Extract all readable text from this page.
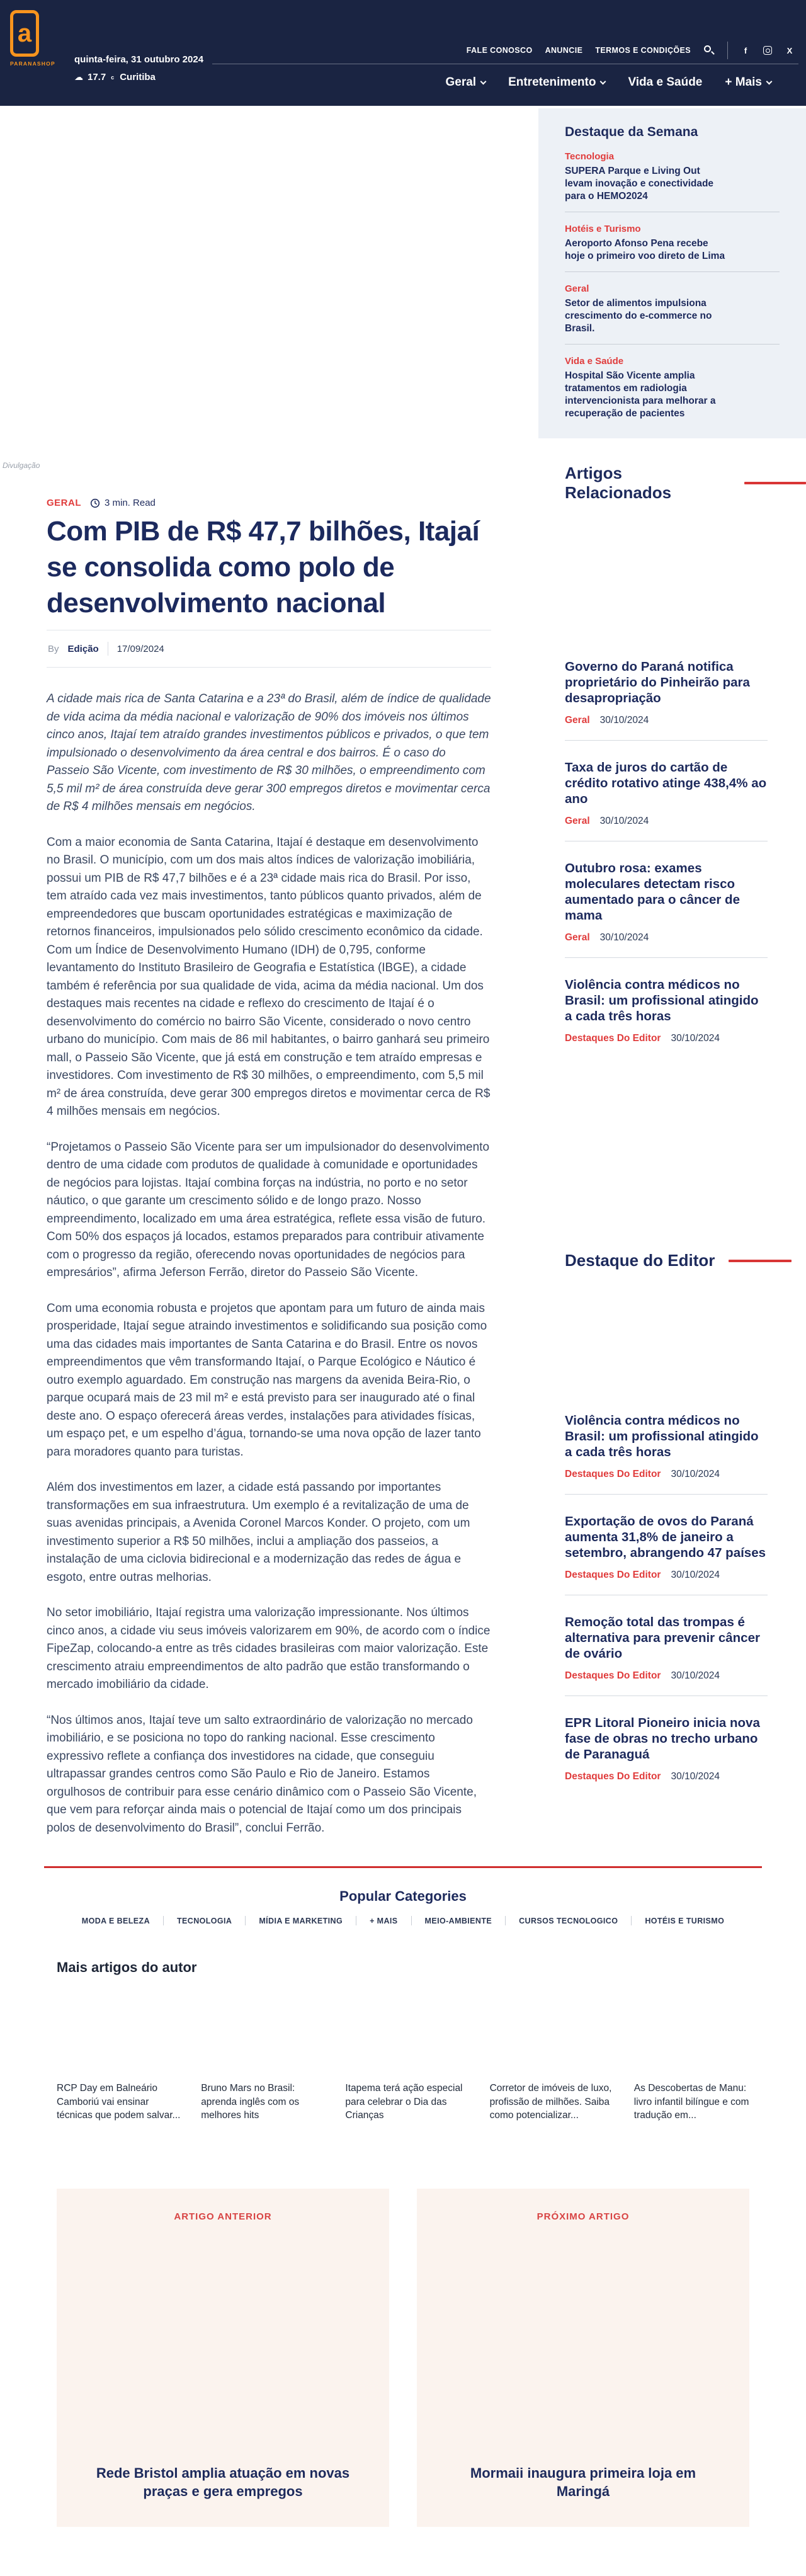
a
PARANASHOP	quinta-feira, 31 outubro 2024
☁ 17.7 c Curitiba
FALE CONOSCO ANUNCIE TERMOS E CONDIÇÕES	f	X
Geral	Entretenimento	Vida e Saúde + Mais
Divulgação
GERAL 3 min. Read
Com PIB de R$ 47,7 bilhões, Itajaí se consolida como polo de desenvolvimento nacional
By Edição 17/09/2024

A cidade mais rica de Santa Catarina e a 23ª do Brasil, além de índice de qualidade de vida acima da média nacional e valorização de 90% dos imóveis nos últimos cinco anos, Itajaí tem atraído grandes investimentos públicos e privados, o que tem impulsionado o desenvolvimento da área central e dos bairros. É o caso do Passeio São Vicente, com investimento de R$ 30 milhões, o empreendimento com 5,5 mil m² de área construída deve gerar 300 empregos diretos e movimentar cerca de R$ 4 milhões mensais em negócios.

Com a maior economia de Santa Catarina, Itajaí é destaque em desenvolvimento no Brasil. O município, com um dos mais altos índices de valorização imobiliária, possui um PIB de R$ 47,7 bilhões e é a 23ª cidade mais rica do Brasil. Por isso, tem atraído cada vez mais investimentos, tanto públicos quanto privados, além de empreendedores que buscam oportunidades estratégicas e maximização de retornos financeiros, impulsionados pelo sólido crescimento econômico da cidade. Com um Índice de Desenvolvimento Humano (IDH) de 0,795, conforme levantamento do Instituto Brasileiro de Geografia e Estatística (IBGE), a cidade também é referência por sua qualidade de vida, acima da média nacional. Um dos destaques mais recentes na cidade e reflexo do crescimento de Itajaí é o desenvolvimento do comércio no bairro São Vicente, considerado o novo centro urbano do município. Com mais de 86 mil habitantes, o bairro ganhará seu primeiro mall, o Passeio São Vicente, que já está em construção e tem atraído empresas e investidores. Com investimento de R$ 30 milhões, o empreendimento, com 5,5 mil m² de área construída, deve gerar 300 empregos diretos e movimentar cerca de R$ 4 milhões mensais em negócios.

“Projetamos o Passeio São Vicente para ser um impulsionador do desenvolvimento dentro de uma cidade com produtos de qualidade à comunidade e oportunidades de negócios para lojistas. Itajaí combina forças na indústria, no porto e no setor náutico, o que garante um crescimento sólido e de longo prazo. Nosso empreendimento, localizado em uma área estratégica, reflete essa visão de futuro. Com 50% dos espaços já locados, estamos preparados para contribuir ativamente com o progresso da região, oferecendo novas oportunidades de negócios para empresários”, afirma Jeferson Ferrão, diretor do Passeio São Vicente.

Com uma economia robusta e projetos que apontam para um futuro de ainda mais prosperidade, Itajaí segue atraindo investimentos e solidificando sua posição como uma das cidades mais importantes de Santa Catarina e do Brasil. Entre os novos empreendimentos que vêm transformando Itajaí, o Parque Ecológico e Náutico é outro exemplo aguardado. Em construção nas margens da avenida Beira-Rio, o parque ocupará mais de 23 mil m² e está previsto para ser inaugurado até o final deste ano. O espaço oferecerá áreas verdes, instalações para atividades físicas, um espaço pet, e um espelho d’água, tornando-se uma nova opção de lazer tanto para moradores quanto para turistas.

Além dos investimentos em lazer, a cidade está passando por importantes transformações em sua infraestrutura. Um exemplo é a revitalização de uma de suas avenidas principais, a Avenida Coronel Marcos Konder. O projeto, com um investimento superior a R$ 50 milhões, inclui a ampliação dos passeios, a instalação de uma ciclovia bidirecional e a modernização das redes de água e esgoto, entre outras melhorias.

No setor imobiliário, Itajaí registra uma valorização impressionante. Nos últimos cinco anos, a cidade viu seus imóveis valorizarem em 90%, de acordo com o índice FipeZap, colocando-a entre as três cidades brasileiras com maior valorização. Este crescimento atraiu empreendimentos de alto padrão que estão transformando o mercado imobiliário da cidade.

“Nos últimos anos, Itajaí teve um salto extraordinário de valorização no mercado imobiliário, e se posiciona no topo do ranking nacional. Esse crescimento expressivo reflete a confiança dos investidores na cidade, que conseguiu ultrapassar grandes centros como São Paulo e Rio de Janeiro. Estamos orgulhosos de contribuir para esse cenário dinâmico com o Passeio São Vicente, que vem para reforçar ainda mais o potencial de Itajaí como um dos principais polos de desenvolvimento do Brasil”, conclui Ferrão.

Destaque da Semana
Tecnologia
SUPERA Parque e Living Out levam inovação e conectividade para o HEMO2024
Hotéis e Turismo
Aeroporto Afonso Pena recebe hoje o primeiro voo direto de Lima
Geral
Setor de alimentos impulsiona crescimento do e-commerce no Brasil.
Vida e Saúde
Hospital São Vicente amplia tratamentos em radiologia intervencionista para melhorar a recuperação de pacientes
Artigos Relacionados
Governo do Paraná notifica proprietário do Pinheirão para desapropriação
Geral 30/10/2024
Taxa de juros do cartão de crédito rotativo atinge 438,4% ao ano
Geral 30/10/2024
Outubro rosa: exames moleculares detectam risco aumentado para o câncer de mama
Geral 30/10/2024
Violência contra médicos no Brasil: um profissional atingido a cada três horas
Destaques Do Editor 30/10/2024
Destaque do Editor
Violência contra médicos no Brasil: um profissional atingido a cada três horas
Destaques Do Editor 30/10/2024
Exportação de ovos do Paraná aumenta 31,8% de janeiro a setembro, abrangendo 47 países
Destaques Do Editor 30/10/2024
Remoção total das trompas é alternativa para prevenir câncer de ovário
Destaques Do Editor 30/10/2024
EPR Litoral Pioneiro inicia nova fase de obras no trecho urbano de Paranaguá
Destaques Do Editor 30/10/2024
Popular Categories
MODA E BELEZA	TECNOLOGIA	MÍDIA E MARKETING	+ MAIS	MEIO-AMBIENTE	CURSOS TECNOLOGICO	HOTÉIS E TURISMO
Mais artigos do autor
RCP Day em Balneário Camboriú vai ensinar técnicas que podem salvar...
Bruno Mars no Brasil: aprenda inglês com os melhores hits
Itapema terá ação especial para celebrar o Dia das Crianças
Corretor de imóveis de luxo, profissão de milhões. Saiba como potencializar...
As Descobertas de Manu: livro infantil bilíngue e com tradução em...
ARTIGO ANTERIOR
Rede Bristol amplia atuação em novas praças e gera empregos
PRÓXIMO ARTIGO
Mormaii inaugura primeira loja em Maringá
